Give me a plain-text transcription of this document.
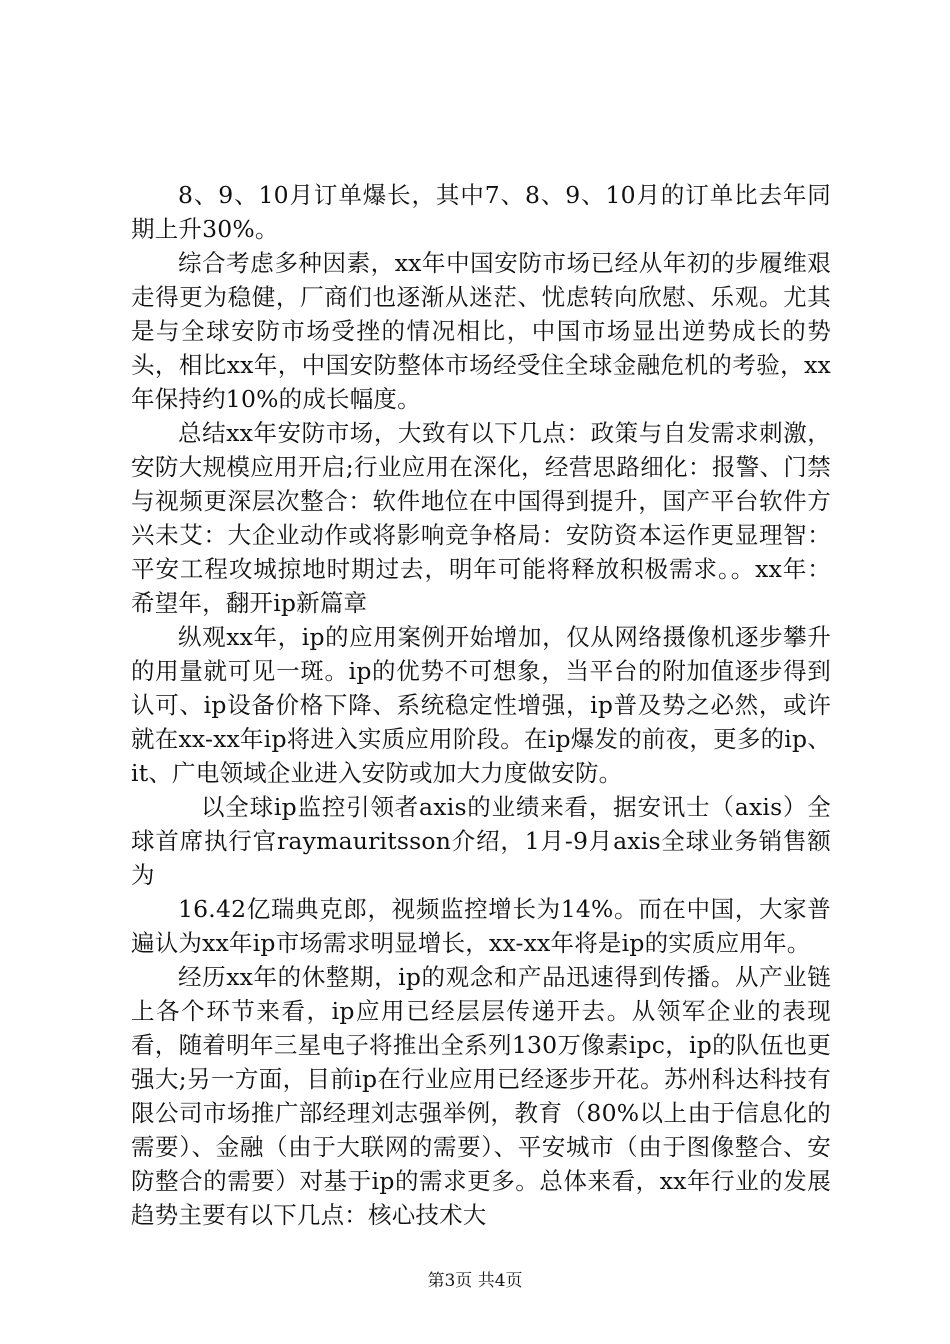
8、9、10月订单爆长，其中7、8、9、10月的订单比去年同期上升30%。

综合考虑多种因素，xx年中国安防市场已经从年初的步履维艰走得更为稳健，厂商们也逐渐从迷茫、忧虑转向欣慰、乐观。尤其是与全球安防市场受挫的情况相比，中国市场显出逆势成长的势头，相比xx年，中国安防整体市场经受住全球金融危机的考验，xx年保持约10%的成长幅度。

总结xx年安防市场，大致有以下几点：政策与自发需求刺激，安防大规模应用开启;行业应用在深化，经营思路细化：报警、门禁与视频更深层次整合：软件地位在中国得到提升，国产平台软件方兴未艾：大企业动作或将影响竞争格局：安防资本运作更显理智：平安工程攻城掠地时期过去，明年可能将释放积极需求。。xx年：希望年，翻开ip新篇章

纵观xx年，ip的应用案例开始增加，仅从网络摄像机逐步攀升的用量就可见一斑。ip的优势不可想象，当平台的附加值逐步得到认可、ip设备价格下降、系统稳定性增强，ip普及势之必然，或许就在xx-xx年ip将进入实质应用阶段。在ip爆发的前夜，更多的ip、it、广电领域企业进入安防或加大力度做安防。

以全球ip监控引领者axis的业绩来看，据安讯士（axis）全球首席执行官raymauritsson介绍，1月-9月axis全球业务销售额为

16.42亿瑞典克郎，视频监控增长为14%。而在中国，大家普遍认为xx年ip市场需求明显增长，xx-xx年将是ip的实质应用年。

经历xx年的休整期，ip的观念和产品迅速得到传播。从产业链上各个环节来看，ip应用已经层层传递开去。从领军企业的表现看，随着明年三星电子将推出全系列130万像素ipc，ip的队伍也更强大;另一方面，目前ip在行业应用已经逐步开花。苏州科达科技有限公司市场推广部经理刘志强举例，教育（80%以上由于信息化的需要）、金融（由于大联网的需要）、平安城市（由于图像整合、安防整合的需要）对基于ip的需求更多。总体来看，xx年行业的发展趋势主要有以下几点：核心技术大

第3页 共4页
